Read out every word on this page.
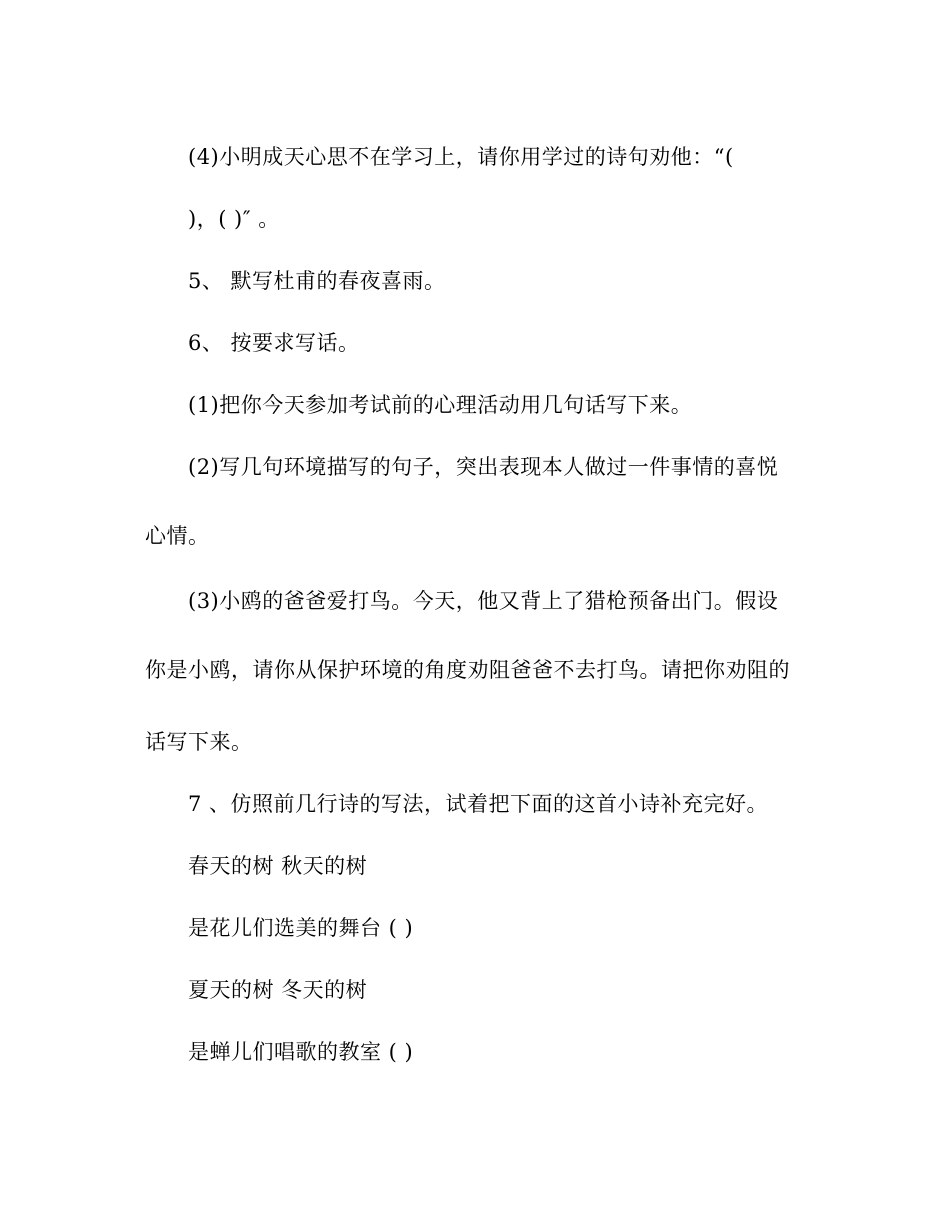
(4)小明成天心思不在学习上，请你用学过的诗句劝他：“(
)，( )″ 。
5、 默写杜甫的春夜喜雨。
6、 按要求写话。
(1)把你今天参加考试前的心理活动用几句话写下来。
(2)写几句环境描写的句子，突出表现本人做过一件事情的喜悦
心情。
(3)小鸥的爸爸爱打鸟。今天，他又背上了猎枪预备出门。假设
你是小鸥，请你从保护环境的角度劝阻爸爸不去打鸟。请把你劝阻的
话写下来。
7 、仿照前几行诗的写法，试着把下面的这首小诗补充完好。
春天的树 秋天的树
是花儿们选美的舞台 ( )
夏天的树 冬天的树
是蝉儿们唱歌的教室 ( )
